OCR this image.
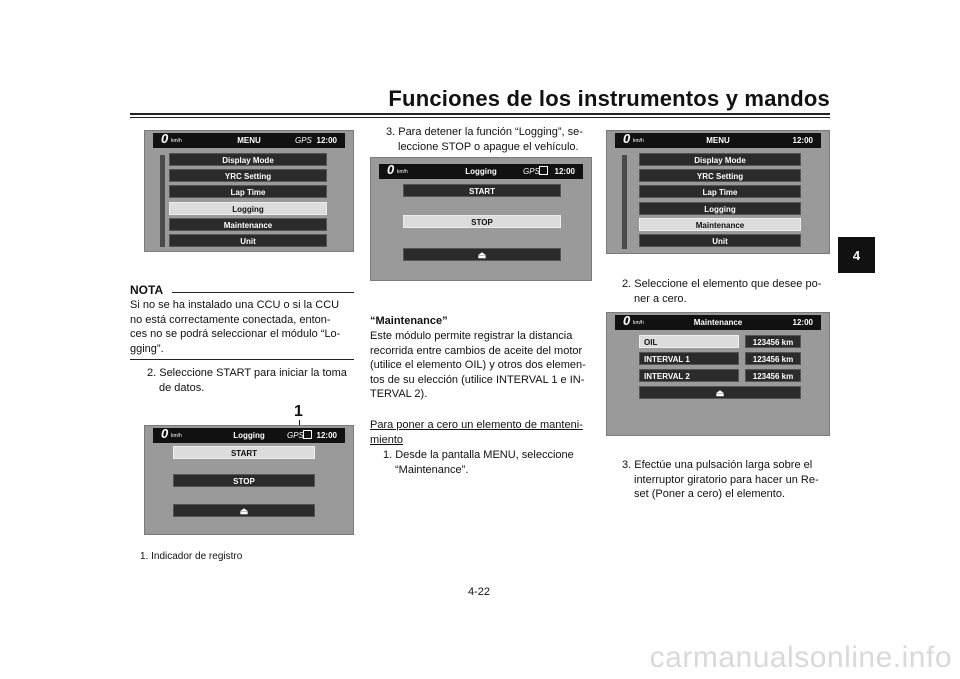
Funciones de los instrumentos y mandos
4
0 km/h	MENU	GPS 12:00
Display Mode
YRC Setting
Lap Time
Logging
Maintenance
Unit
NOTA
Si no se ha instalado una CCU o si la CCU
no está correctamente conectada, enton-
ces no se podrá seleccionar el módulo “Lo-
gging”.
2. Seleccione START para iniciar la toma
de datos.
1
0 km/h	Logging	GPS 12:00
START
STOP
⏏
1. Indicador de registro
3. Para detener la función “Logging”, se-
leccione STOP o apague el vehículo.
0 km/h	Logging	GPS 12:00
START
STOP
⏏
“Maintenance”
Este módulo permite registrar la distancia
recorrida entre cambios de aceite del motor
(utilice el elemento OIL) y otros dos elemen-
tos de su elección (utilice INTERVAL 1 e IN-
TERVAL 2).
Para poner a cero un elemento de manteni-
miento
1. Desde la pantalla MENU, seleccione
“Maintenance”.
0 km/h	MENU	12:00
Display Mode
YRC Setting
Lap Time
Logging
Maintenance
Unit
2. Seleccione el elemento que desee po-
ner a cero.
0 km/h	Maintenance	12:00
OIL	123456 km
INTERVAL 1	123456 km
INTERVAL 2	123456 km
⏏
3. Efectúe una pulsación larga sobre el
interruptor giratorio para hacer un Re-
set (Poner a cero) el elemento.
4-22
carmanualsonline.info
